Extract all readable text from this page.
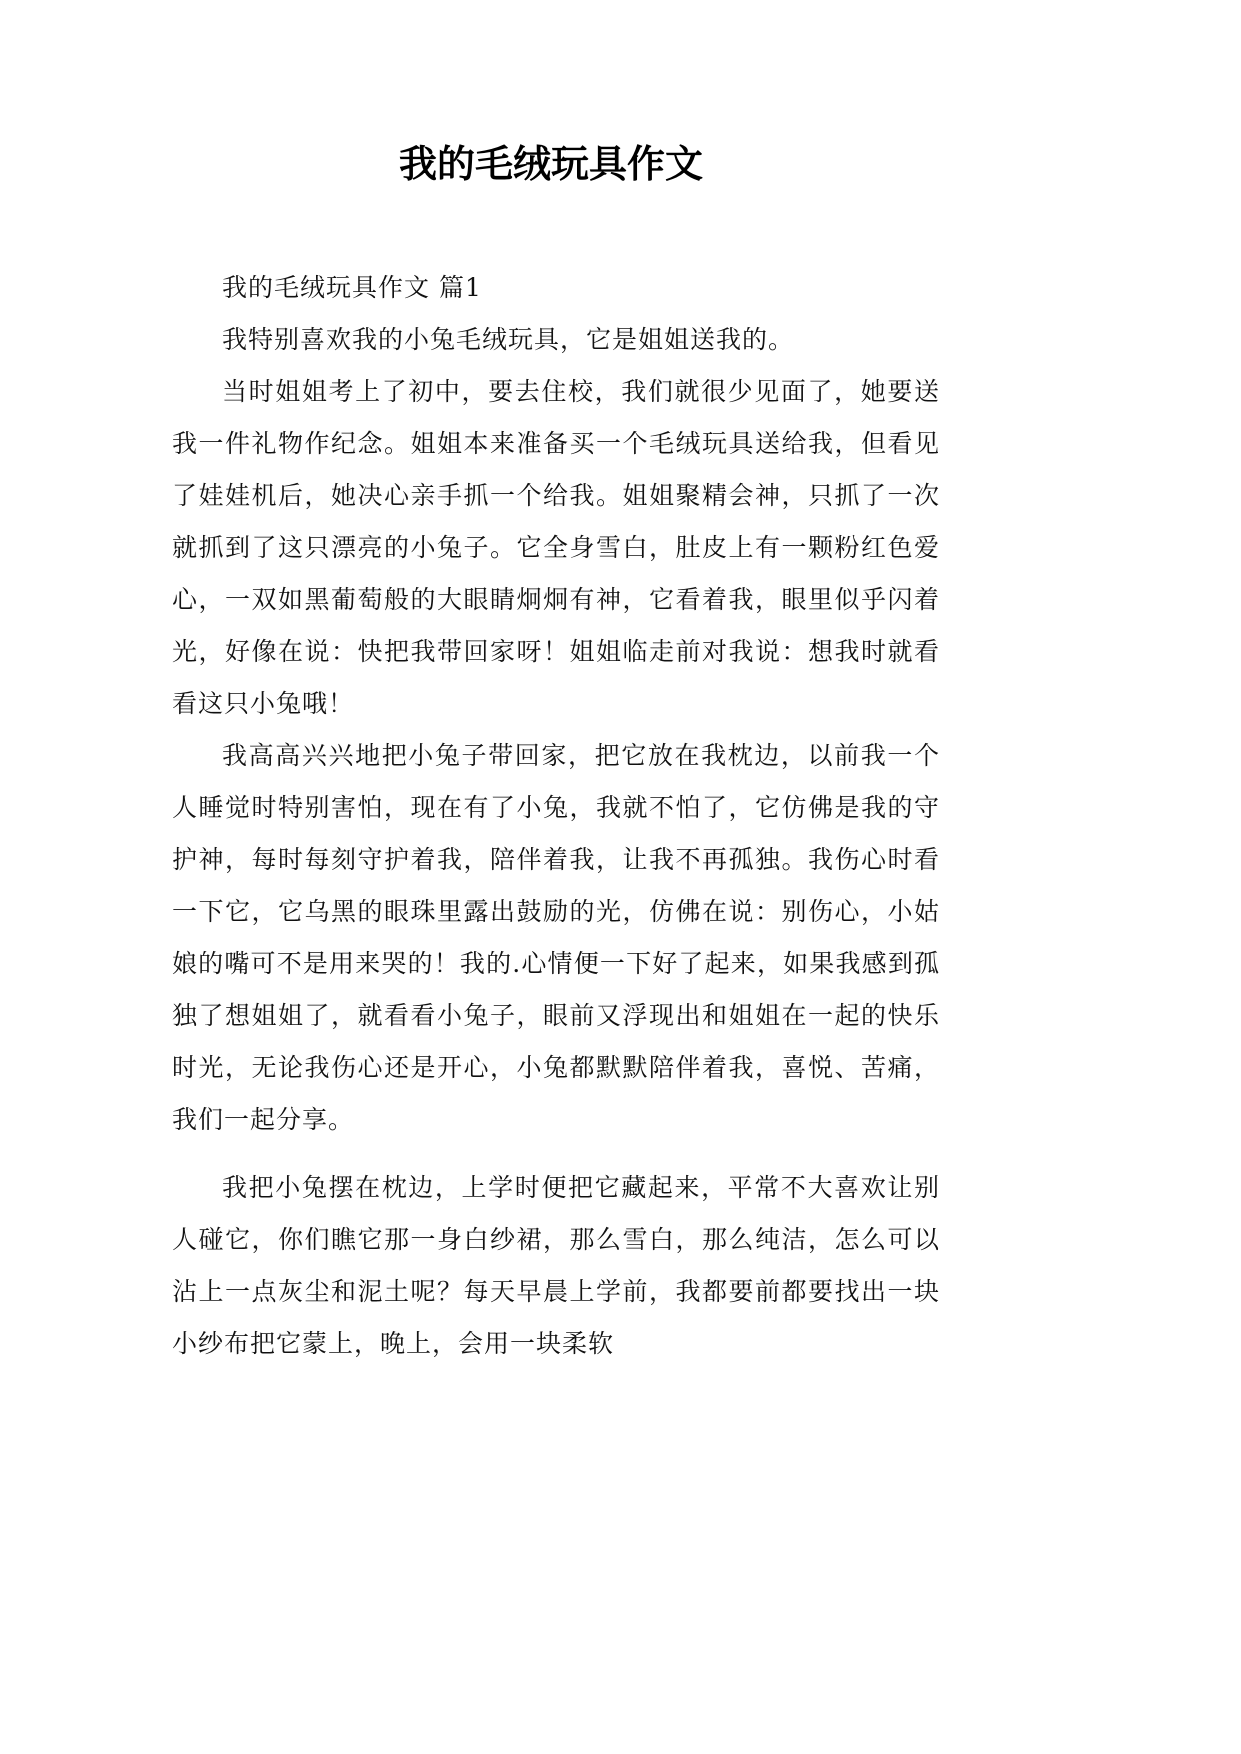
我的毛绒玩具作文

我的毛绒玩具作文 篇1

我特别喜欢我的小兔毛绒玩具，它是姐姐送我的。

当时姐姐考上了初中，要去住校，我们就很少见面了，她要送我一件礼物作纪念。姐姐本来准备买一个毛绒玩具送给我，但看见了娃娃机后，她决心亲手抓一个给我。姐姐聚精会神，只抓了一次就抓到了这只漂亮的小兔子。它全身雪白，肚皮上有一颗粉红色爱心，一双如黑葡萄般的大眼睛炯炯有神，它看着我，眼里似乎闪着光，好像在说：快把我带回家呀！姐姐临走前对我说：想我时就看看这只小兔哦！

我高高兴兴地把小兔子带回家，把它放在我枕边，以前我一个人睡觉时特别害怕，现在有了小兔，我就不怕了，它仿佛是我的守护神，每时每刻守护着我，陪伴着我，让我不再孤独。我伤心时看一下它，它乌黑的眼珠里露出鼓励的光，仿佛在说：别伤心，小姑娘的嘴可不是用来哭的！我的.心情便一下好了起来，如果我感到孤独了想姐姐了，就看看小兔子，眼前又浮现出和姐姐在一起的快乐时光，无论我伤心还是开心，小兔都默默陪伴着我，喜悦、苦痛，我们一起分享。

我把小兔摆在枕边，上学时便把它藏起来，平常不大喜欢让别人碰它，你们瞧它那一身白纱裙，那么雪白，那么纯洁，怎么可以沾上一点灰尘和泥土呢？每天早晨上学前，我都要前都要找出一块小纱布把它蒙上，晚上，会用一块柔软
